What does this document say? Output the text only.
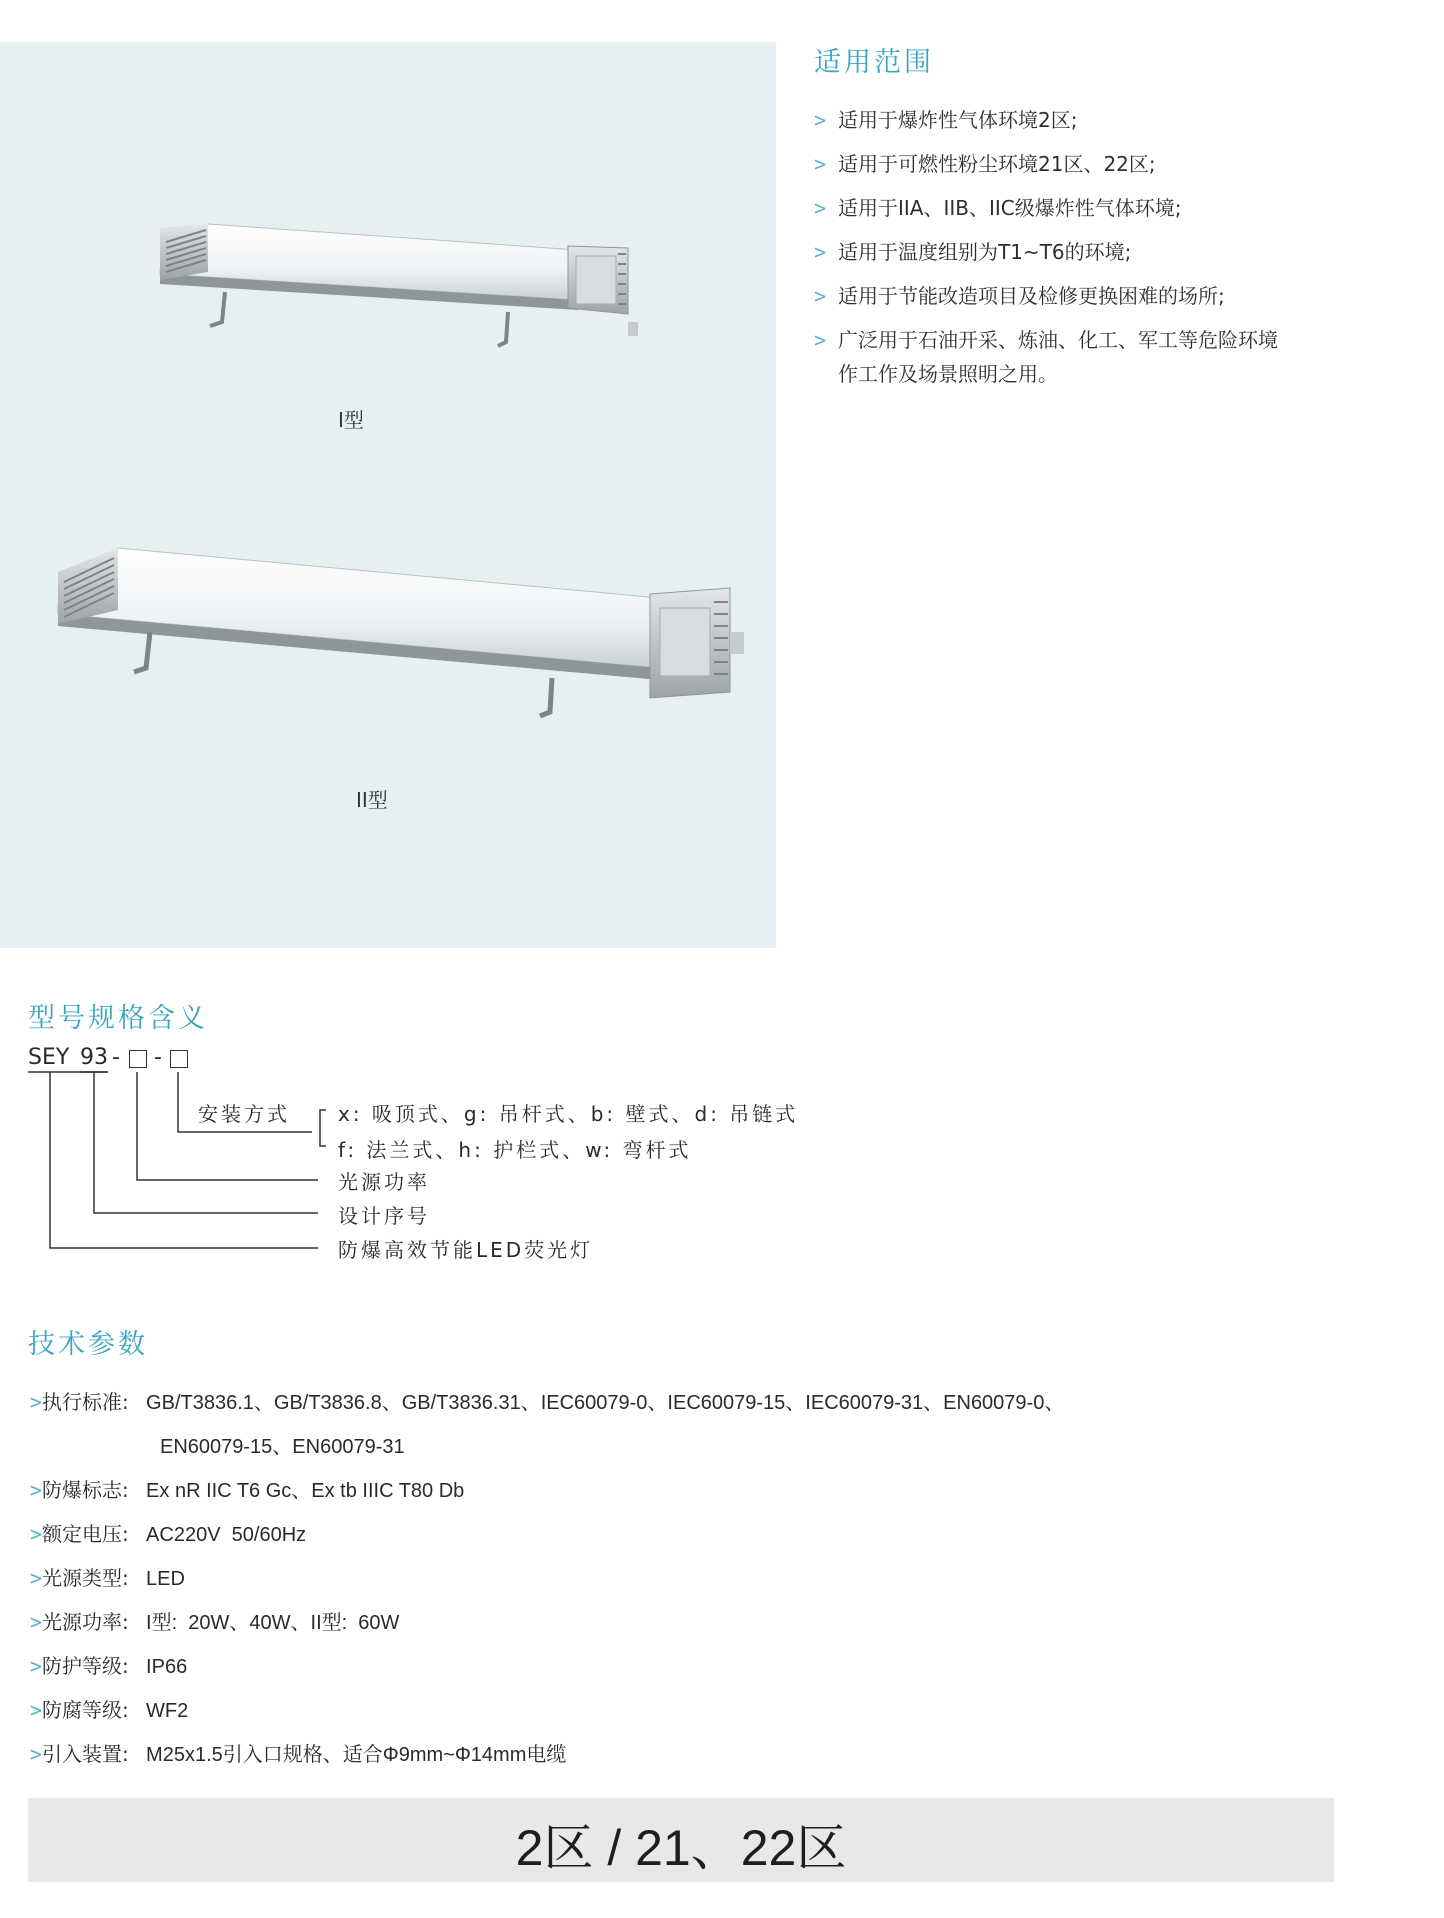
I型
II型
适用范围
> 适用于爆炸性气体环境2区;
> 适用于可燃性粉尘环境21区、22区;
> 适用于IIA、IIB、IIC级爆炸性气体环境;
> 适用于温度组别为T1~T6的环境;
> 适用于节能改造项目及检修更换困难的场所;
> 广泛用于石油开采、炼油、化工、军工等危险环境
作工作及场景照明之用。
型号规格含义
SEY 93 - -
安装方式 x: 吸顶式、g: 吊杆式、b: 壁式、d: 吊链式
f: 法兰式、h: 护栏式、w: 弯杆式
光源功率
设计序号
防爆高效节能LED荧光灯
技术参数
>执行标准: GB/T3836.1、GB/T3836.8、GB/T3836.31、IEC60079-0、IEC60079-15、IEC60079-31、EN60079-0、
EN60079-15、EN60079-31
>防爆标志: Ex nR IIC T6 Gc、Ex tb IIIC T80 Db
>额定电压: AC220V  50/60Hz
>光源类型: LED
>光源功率: I型:  20W、40W、II型:  60W
>防护等级: IP66
>防腐等级: WF2
>引入装置: M25x1.5引入口规格、适合Φ9mm~Φ14mm电缆
2区 / 21、22区
